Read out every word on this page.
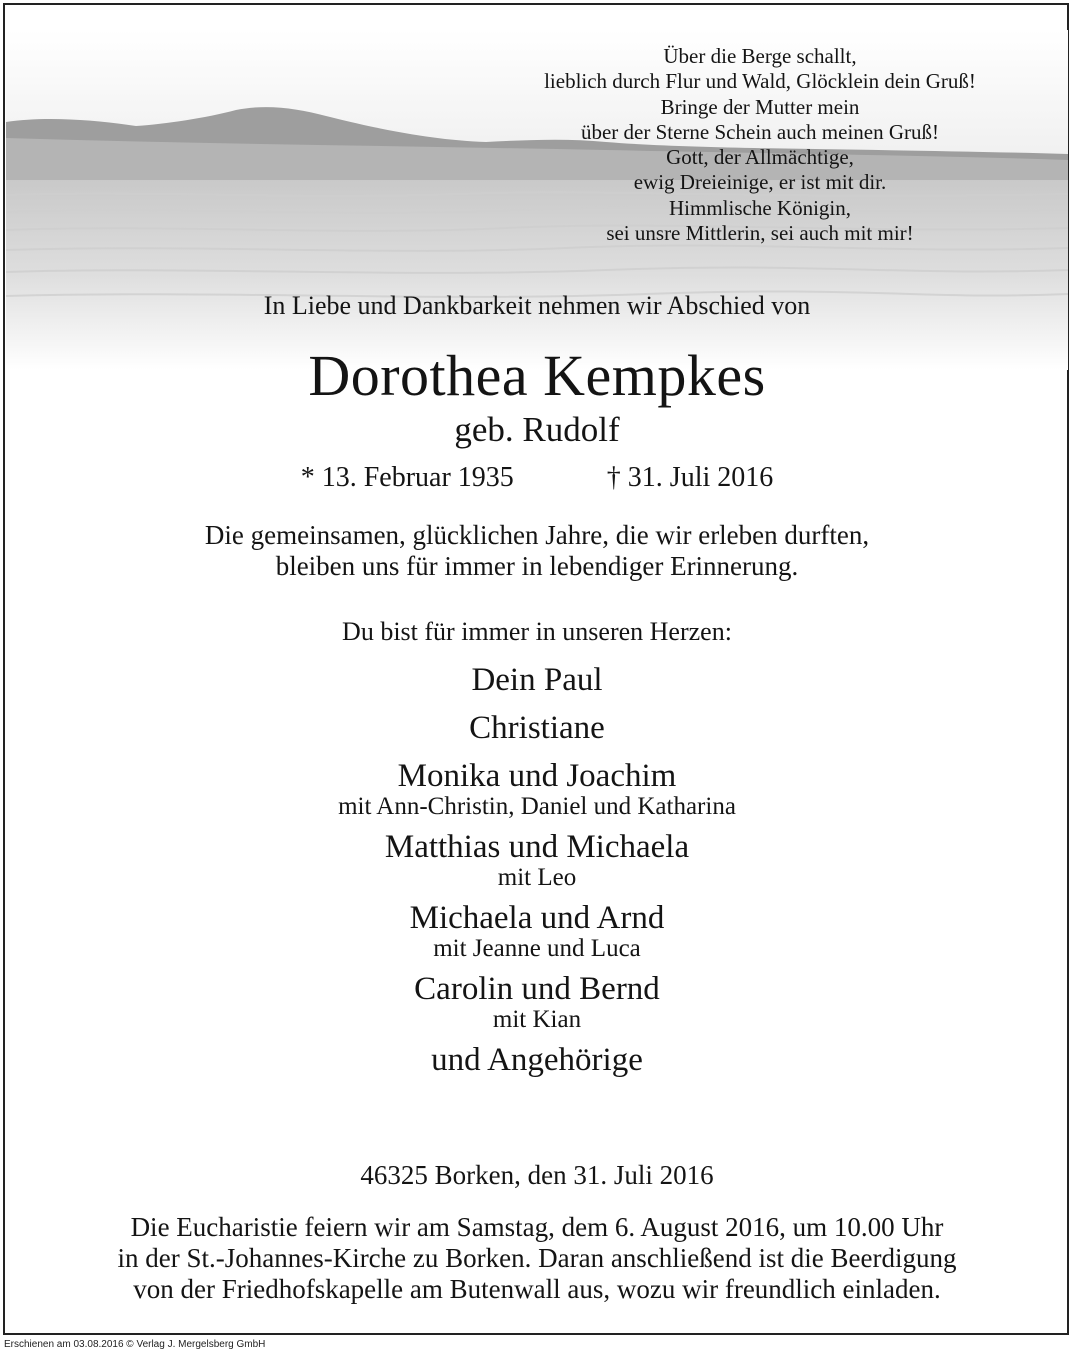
Über die Berge schallt,
lieblich durch Flur und Wald, Glöcklein dein Gruß!
Bringe der Mutter mein
über der Sterne Schein auch meinen Gruß!
Gott, der Allmächtige,
ewig Dreieinige, er ist mit dir.
Himmlische Königin,
sei unsre Mittlerin, sei auch mit mir!
In Liebe und Dankbarkeit nehmen wir Abschied von
Dorothea Kempkes
geb. Rudolf
* 13. Februar 1935	† 31. Juli 2016
Die gemeinsamen, glücklichen Jahre, die wir erleben durften,
bleiben uns für immer in lebendiger Erinnerung.
Du bist für immer in unseren Herzen:
Dein Paul
Christiane
Monika und Joachim
mit Ann-Christin, Daniel und Katharina
Matthias und Michaela
mit Leo
Michaela und Arnd
mit Jeanne und Luca
Carolin und Bernd
mit Kian
und Angehörige
46325 Borken, den 31. Juli 2016
Die Eucharistie feiern wir am Samstag, dem 6. August 2016, um 10.00 Uhr
in der St.-Johannes-Kirche zu Borken. Daran anschließend ist die Beerdigung
von der Friedhofskapelle am Butenwall aus, wozu wir freundlich einladen.
Erschienen am 03.08.2016 © Verlag J. Mergelsberg GmbH
